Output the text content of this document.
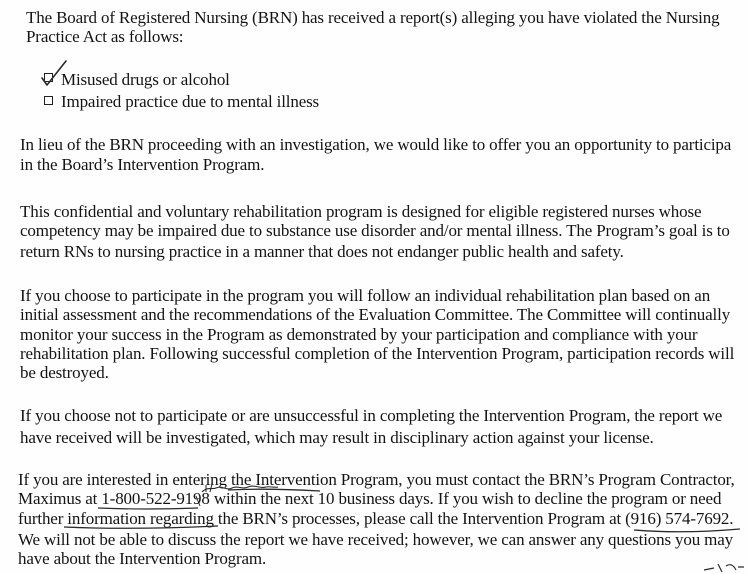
The Board of Registered Nursing (BRN) has received a report(s) alleging you have violated the Nursing
Practice Act as follows:
Misused drugs or alcohol
Impaired practice due to mental illness
In lieu of the BRN proceeding with an investigation, we would like to offer you an opportunity to participa
in the Board’s Intervention Program.
This confidential and voluntary rehabilitation program is designed for eligible registered nurses whose
competency may be impaired due to substance use disorder and/or mental illness. The Program’s goal is to
return RNs to nursing practice in a manner that does not endanger public health and safety.
If you choose to participate in the program you will follow an individual rehabilitation plan based on an
initial assessment and the recommendations of the Evaluation Committee. The Committee will continually
monitor your success in the Program as demonstrated by your participation and compliance with your
rehabilitation plan. Following successful completion of the Intervention Program, participation records will
be destroyed.
If you choose not to participate or are unsuccessful in completing the Intervention Program, the report we
have received will be investigated, which may result in disciplinary action against your license.
If you are interested in entering the Intervention Program, you must contact the BRN’s Program Contractor,
Maximus at 1-800-522-9198 within the next 10 business days. If you wish to decline the program or need
further information regarding the BRN’s processes, please call the Intervention Program at (916) 574-7692.
We will not be able to discuss the report we have received; however, we can answer any questions you may
have about the Intervention Program.
